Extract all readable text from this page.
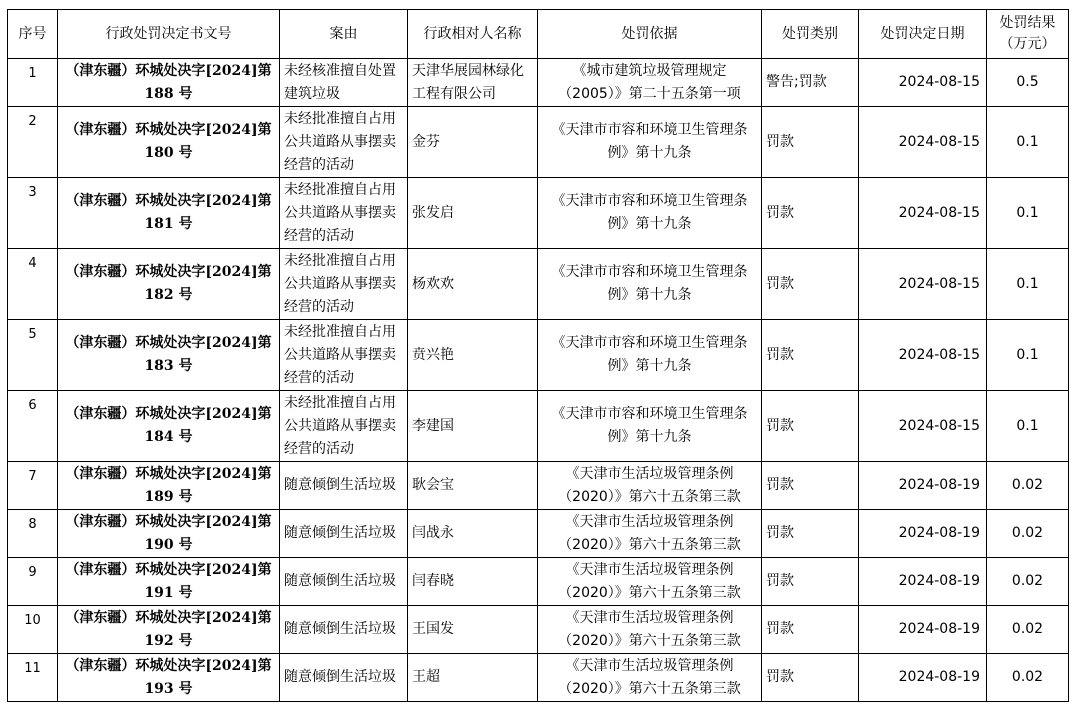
序号	行政处罚决定书文号	案由	行政相对人名称	处罚依据	处罚类别	处罚决定日期	处罚结果（万元）
1	（津东疆）环城处决字[2024]第 188 号	未经核准擅自处置建筑垃圾	天津华展园林绿化工程有限公司	《城市建筑垃圾管理规定（2005）》第二十五条第一项	警告;罚款	2024-08-15	0.5
2	（津东疆）环城处决字[2024]第 180 号	未经批准擅自占用公共道路从事摆卖经营的活动	金芬	《天津市市容和环境卫生管理条例》第十九条	罚款	2024-08-15	0.1
3	（津东疆）环城处决字[2024]第 181 号	未经批准擅自占用公共道路从事摆卖经营的活动	张发启	《天津市市容和环境卫生管理条例》第十九条	罚款	2024-08-15	0.1
4	（津东疆）环城处决字[2024]第 182 号	未经批准擅自占用公共道路从事摆卖经营的活动	杨欢欢	《天津市市容和环境卫生管理条例》第十九条	罚款	2024-08-15	0.1
5	（津东疆）环城处决字[2024]第 183 号	未经批准擅自占用公共道路从事摆卖经营的活动	贲兴艳	《天津市市容和环境卫生管理条例》第十九条	罚款	2024-08-15	0.1
6	（津东疆）环城处决字[2024]第 184 号	未经批准擅自占用公共道路从事摆卖经营的活动	李建国	《天津市市容和环境卫生管理条例》第十九条	罚款	2024-08-15	0.1
7	（津东疆）环城处决字[2024]第 189 号	随意倾倒生活垃圾	耿会宝	《天津市生活垃圾管理条例（2020）》第六十五条第三款	罚款	2024-08-19	0.02
8	（津东疆）环城处决字[2024]第 190 号	随意倾倒生活垃圾	闫战永	《天津市生活垃圾管理条例（2020）》第六十五条第三款	罚款	2024-08-19	0.02
9	（津东疆）环城处决字[2024]第 191 号	随意倾倒生活垃圾	闫春晓	《天津市生活垃圾管理条例（2020）》第六十五条第三款	罚款	2024-08-19	0.02
10	（津东疆）环城处决字[2024]第 192 号	随意倾倒生活垃圾	王国发	《天津市生活垃圾管理条例（2020）》第六十五条第三款	罚款	2024-08-19	0.02
11	（津东疆）环城处决字[2024]第 193 号	随意倾倒生活垃圾	王超	《天津市生活垃圾管理条例（2020）》第六十五条第三款	罚款	2024-08-19	0.02
